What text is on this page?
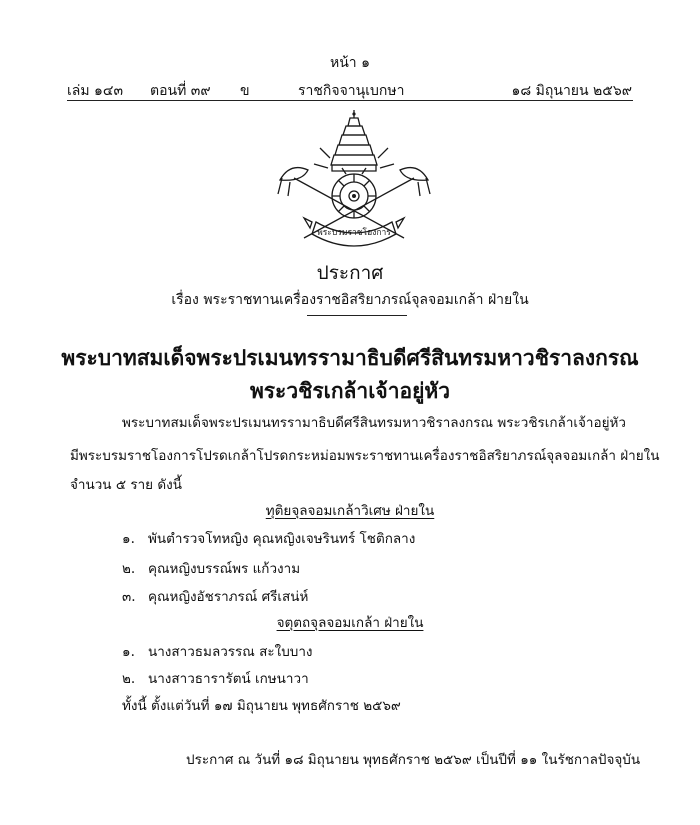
หน้า ๑
เล่ม ๑๔๓ ตอนที่ ๓๙ ข	ราชกิจจานุเบกษา	๑๘ มิถุนายน ๒๕๖๙
พระบรมราชโองการ
ประกาศ
เรื่อง พระราชทานเครื่องราชอิสริยาภรณ์จุลจอมเกล้า ฝ่ายใน
พระบาทสมเด็จพระปรเมนทรรามาธิบดีศรีสินทรมหาวชิราลงกรณ
พระวชิรเกล้าเจ้าอยู่หัว
พระบาทสมเด็จพระปรเมนทรรามาธิบดีศรีสินทรมหาวชิราลงกรณ พระวชิรเกล้าเจ้าอยู่หัว
มีพระบรมราชโองการโปรดเกล้าโปรดกระหม่อมพระราชทานเครื่องราชอิสริยาภรณ์จุลจอมเกล้า ฝ่ายใน
จำนวน ๕ ราย ดังนี้
ทุติยจุลจอมเกล้าวิเศษ ฝ่ายใน
๑. พันตำรวจโทหญิง คุณหญิงเจษรินทร์ โชติกลาง
๒. คุณหญิงบรรณ์พร แก้วงาม
๓. คุณหญิงอัชราภรณ์ ศรีเสน่ห์
จตุตถจุลจอมเกล้า ฝ่ายใน
๑. นางสาวธมลวรรณ สะใบบาง
๒. นางสาวธารารัตน์ เกษนาวา
ทั้งนี้ ตั้งแต่วันที่ ๑๗ มิถุนายน พุทธศักราช ๒๕๖๙
ประกาศ ณ วันที่ ๑๘ มิถุนายน พุทธศักราช ๒๕๖๙ เป็นปีที่ ๑๑ ในรัชกาลปัจจุบัน
